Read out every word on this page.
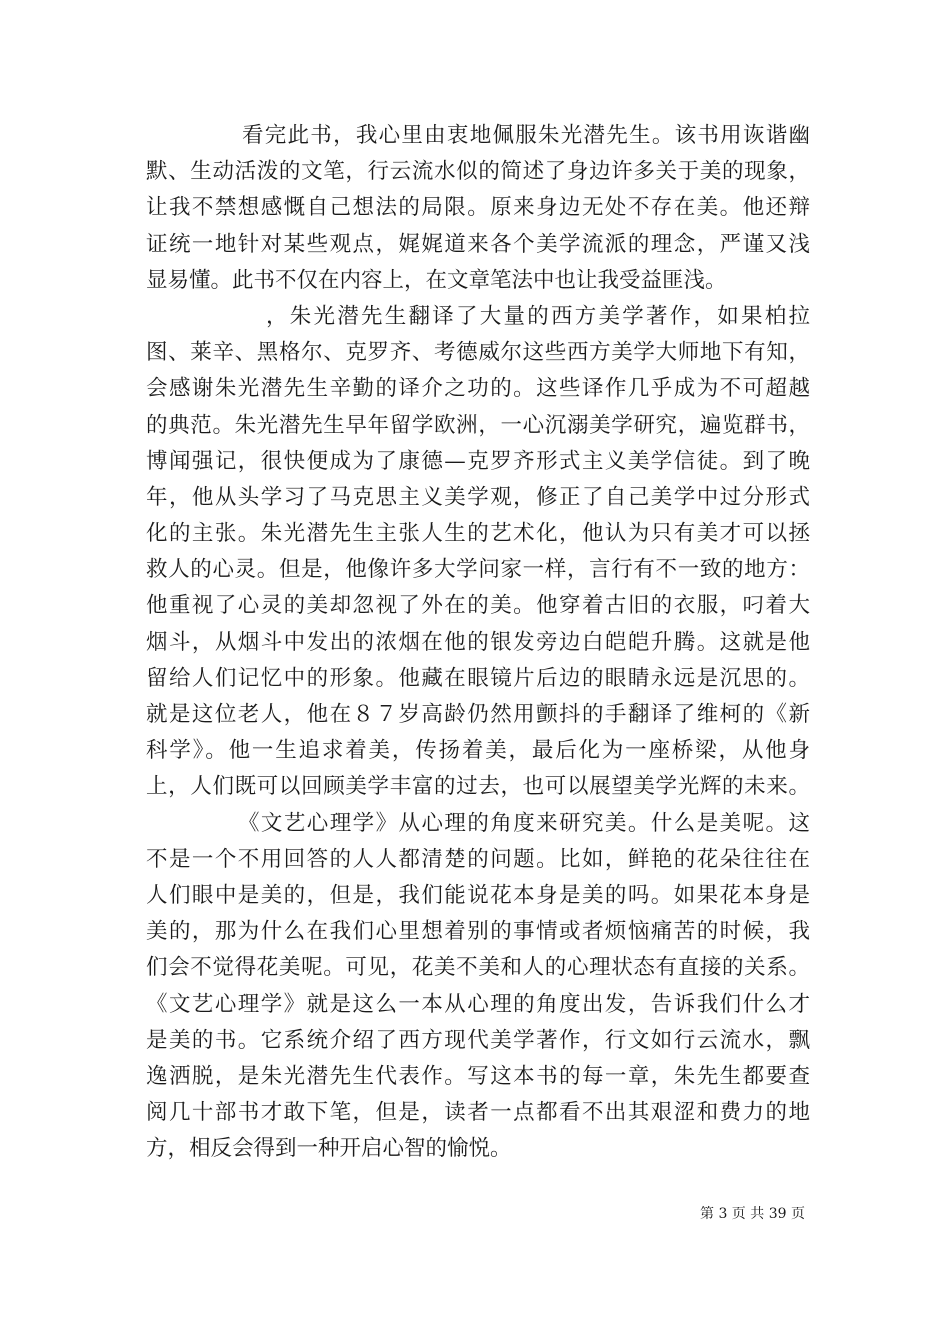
看完此书，我心里由衷地佩服朱光潜先生。该书用诙谐幽
默、生动活泼的文笔，行云流水似的简述了身边许多关于美的现象，
让我不禁想感慨自己想法的局限。原来身边无处不存在美。他还辩
证统一地针对某些观点，娓娓道来各个美学流派的理念，严谨又浅
显易懂。此书不仅在内容上，在文章笔法中也让我受益匪浅。
，朱光潜先生翻译了大量的西方美学著作，如果柏拉
图、莱辛、黑格尔、克罗齐、考德威尔这些西方美学大师地下有知，
会感谢朱光潜先生辛勤的译介之功的。这些译作几乎成为不可超越
的典范。朱光潜先生早年留学欧洲，一心沉溺美学研究，遍览群书，
博闻强记，很快便成为了康德—克罗齐形式主义美学信徒。到了晚
年，他从头学习了马克思主义美学观，修正了自己美学中过分形式
化的主张。朱光潜先生主张人生的艺术化，他认为只有美才可以拯
救人的心灵。但是，他像许多大学问家一样，言行有不一致的地方：
他重视了心灵的美却忽视了外在的美。他穿着古旧的衣服，叼着大
烟斗，从烟斗中发出的浓烟在他的银发旁边白皑皑升腾。这就是他
留给人们记忆中的形象。他藏在眼镜片后边的眼睛永远是沉思的。
就是这位老人，他在８７岁高龄仍然用颤抖的手翻译了维柯的《新
科学》。他一生追求着美，传扬着美，最后化为一座桥梁，从他身
上，人们既可以回顾美学丰富的过去，也可以展望美学光辉的未来。
《文艺心理学》从心理的角度来研究美。什么是美呢。这
不是一个不用回答的人人都清楚的问题。比如，鲜艳的花朵往往在
人们眼中是美的，但是，我们能说花本身是美的吗。如果花本身是
美的，那为什么在我们心里想着别的事情或者烦恼痛苦的时候，我
们会不觉得花美呢。可见，花美不美和人的心理状态有直接的关系。
《文艺心理学》就是这么一本从心理的角度出发，告诉我们什么才
是美的书。它系统介绍了西方现代美学著作，行文如行云流水，飘
逸洒脱，是朱光潜先生代表作。写这本书的每一章，朱先生都要查
阅几十部书才敢下笔，但是，读者一点都看不出其艰涩和费力的地
方，相反会得到一种开启心智的愉悦。
第 3 页 共 39 页
